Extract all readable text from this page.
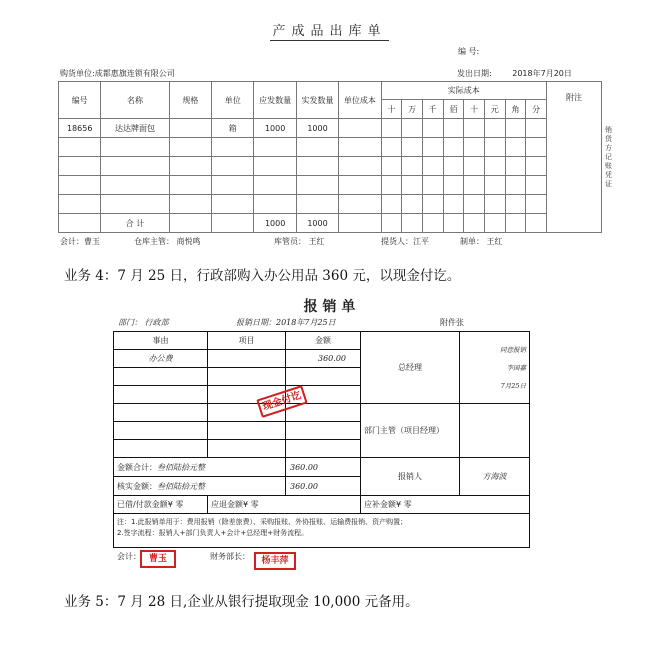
产成品出库单
编 号:
购货单位:成都惠旗连锁有限公司	发出日期:	2018年7月20日
编号	名称	规格	单位	应发数量	实发数量	单位成本	实际成本								附注
							十	万	千	佰	十	元	角	分	
18656	达达牌面包		箱	1000	1000										

	合 计			1000	1000										
销货方记账凭证
会计：曹玉	仓库主管： 商悦鸣	库管员： 王红	提货人：江平	制单： 王红
业务 4：7 月 25 日，行政部购入办公用品 360 元，以现金付讫。
报 销 单
部门： 行政部	报销日期：2018年7月25日	附件张
事由	项目	金额	总经理	同意报销
李国嘉
7月25日

办公费		360.00		

			部门主管（项目经理）	

金额合计：叁佰陆拾元整		360.00	报销人	方海波
核实金额：叁佰陆拾元整		360.00		
已借/付款金额¥ 零	应退金额¥ 零		应补金额¥ 零	

注：1.此报销单用于：费用报销（除差旅费）、采购报账、外协报账、运输费报销、资产购置；
2.签字流程：报销人+部门负责人+会计+总经理+财务流程。				
现金付讫
会计： 曹玉	财务部长：	杨丰萍
业务 5：7 月 28 日,企业从银行提取现金 10,000 元备用。
